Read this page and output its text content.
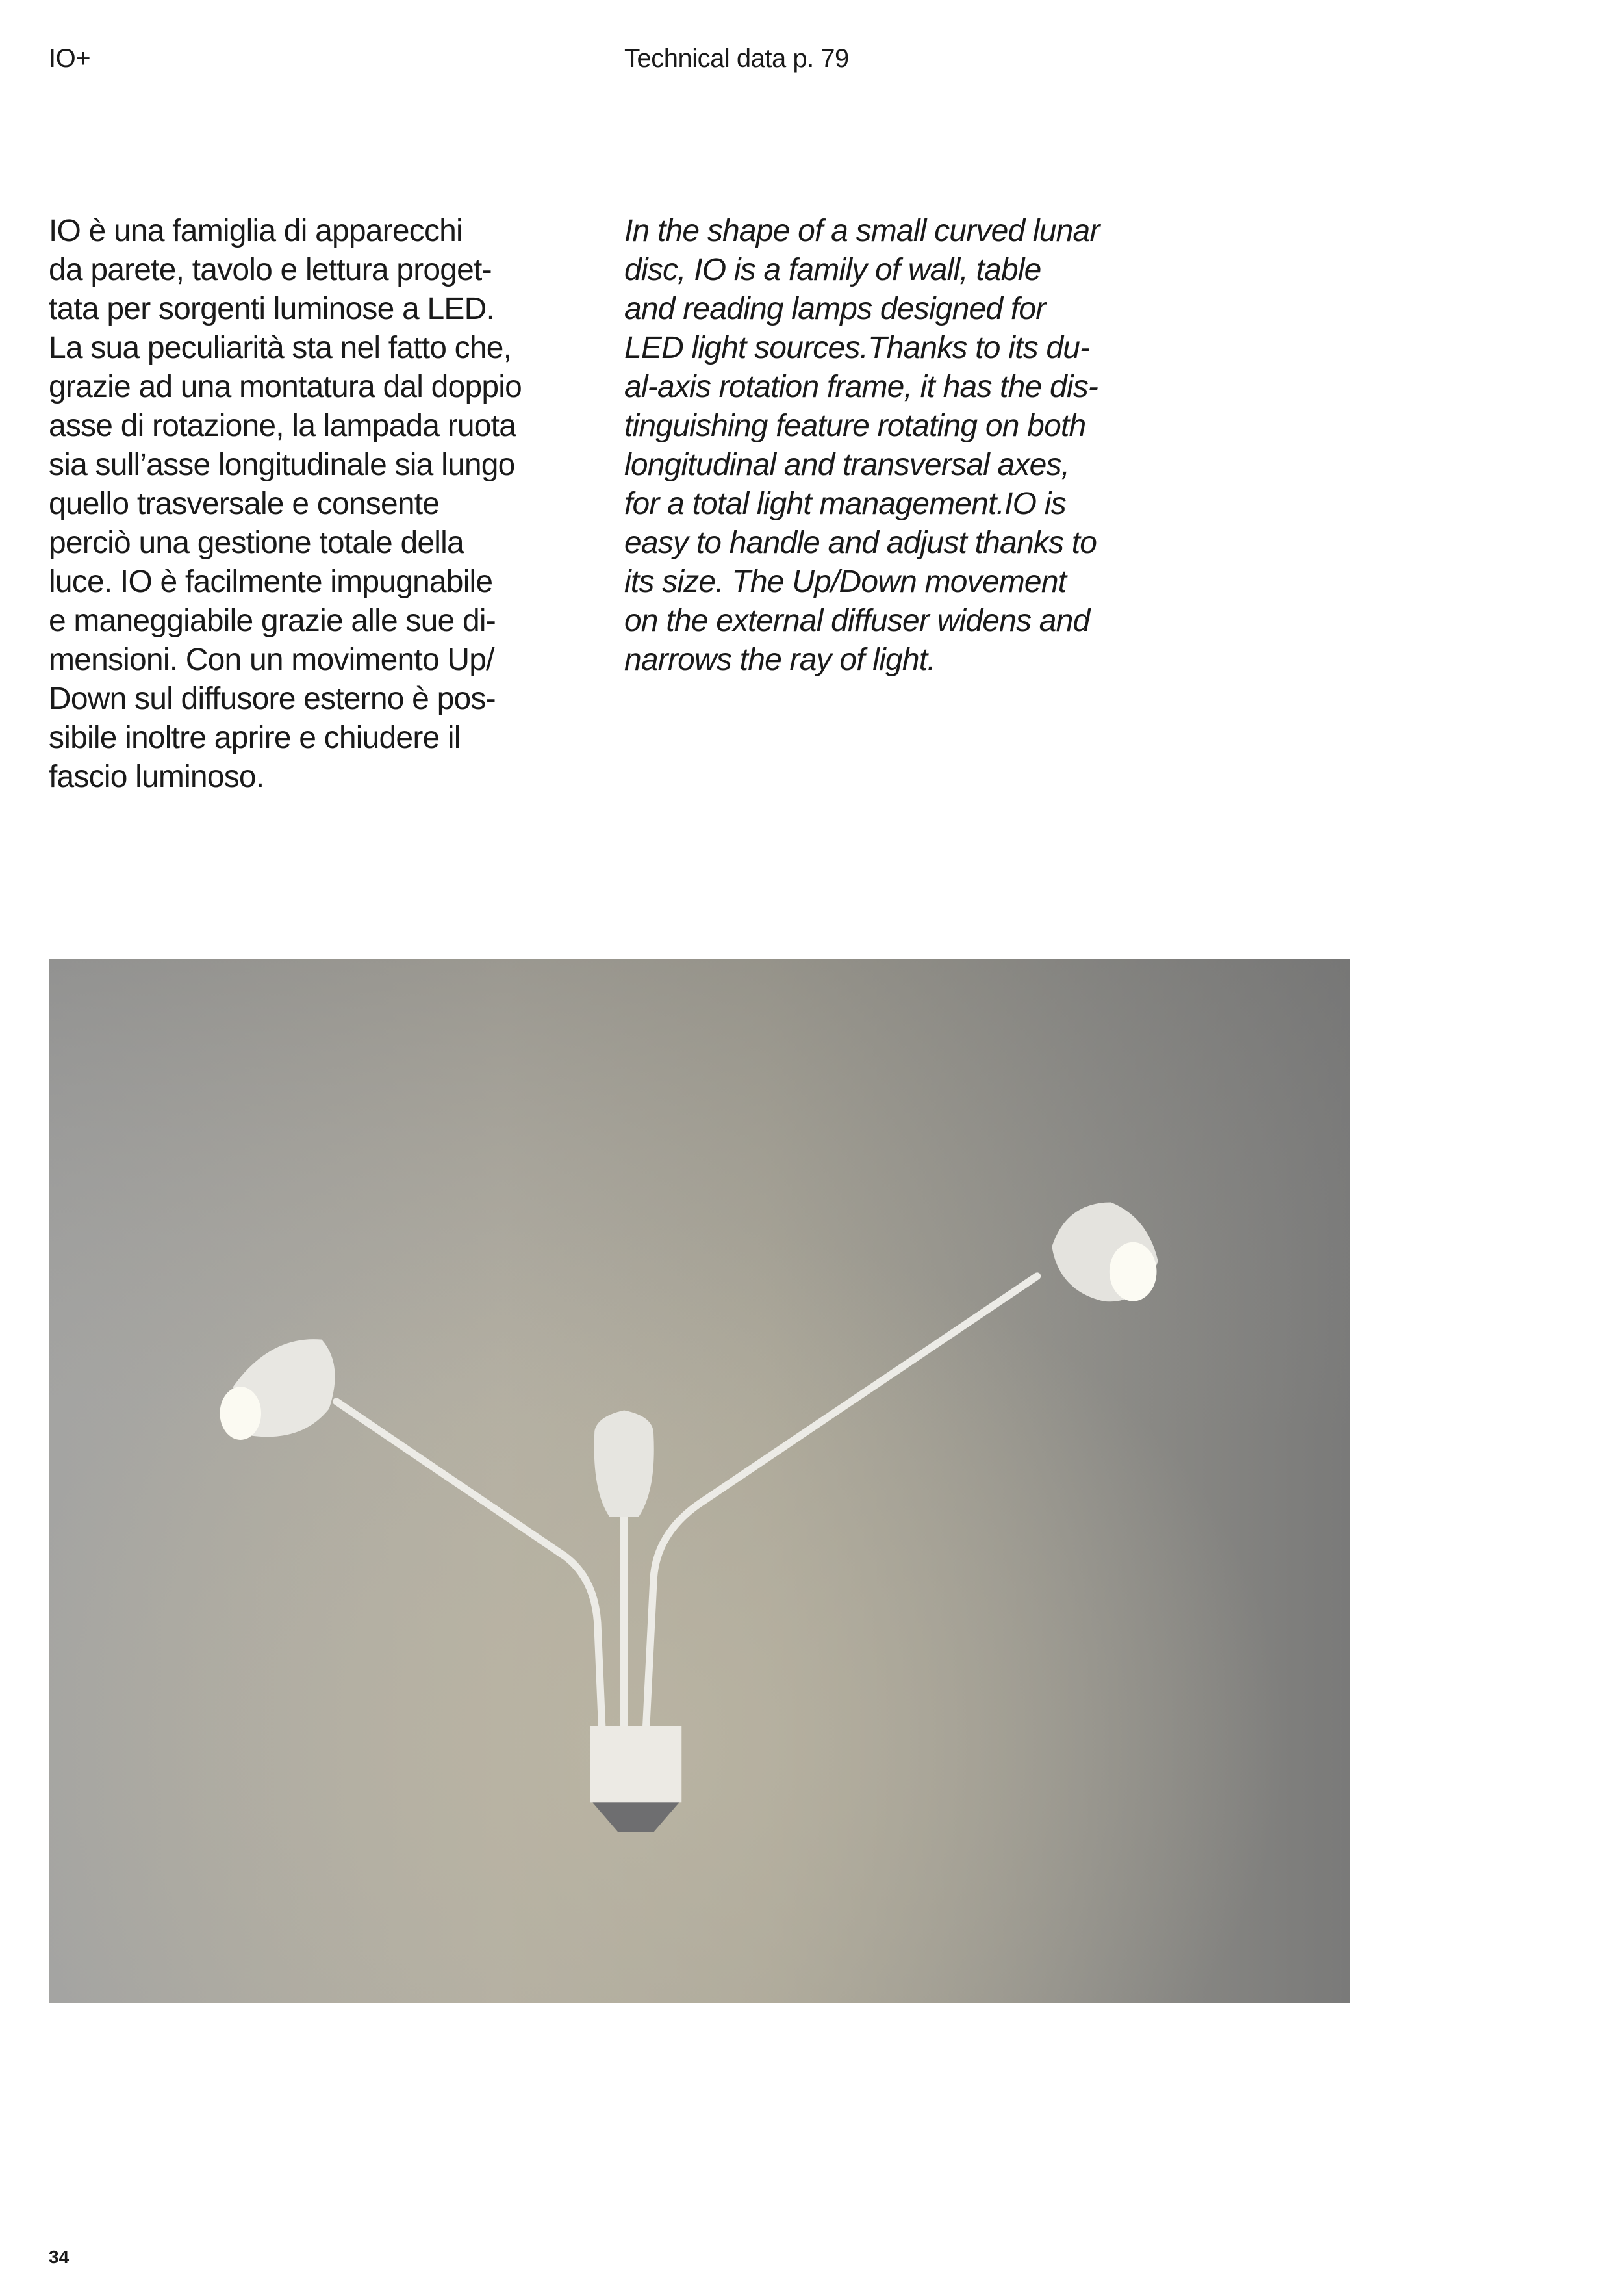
IO+	Technical data p. 79
IO è una famiglia di apparecchi
da parete, tavolo e lettura proget-
tata per sorgenti luminose a LED.
La sua peculiarità sta nel fatto che,
grazie ad una montatura dal doppio
asse di rotazione, la lampada ruota
sia sull’asse longitudinale sia lungo
quello trasversale e consente
perciò una gestione totale della
luce. IO è facilmente impugnabile
e maneggiabile grazie alle sue di-
mensioni. Con un movimento Up/
Down sul diffusore esterno è pos-
sibile inoltre aprire e chiudere il
fascio luminoso.
In the shape of a small curved lunar
disc, IO is a family of wall, table
and reading lamps designed for
LED light sources.Thanks to its du-
al-axis rotation frame, it has the dis-
tinguishing feature rotating on both
longitudinal and transversal axes,
for a total light management.IO is
easy to handle and adjust thanks to
its size. The Up/Down movement
on the external diffuser widens and
narrows the ray of light.
34
